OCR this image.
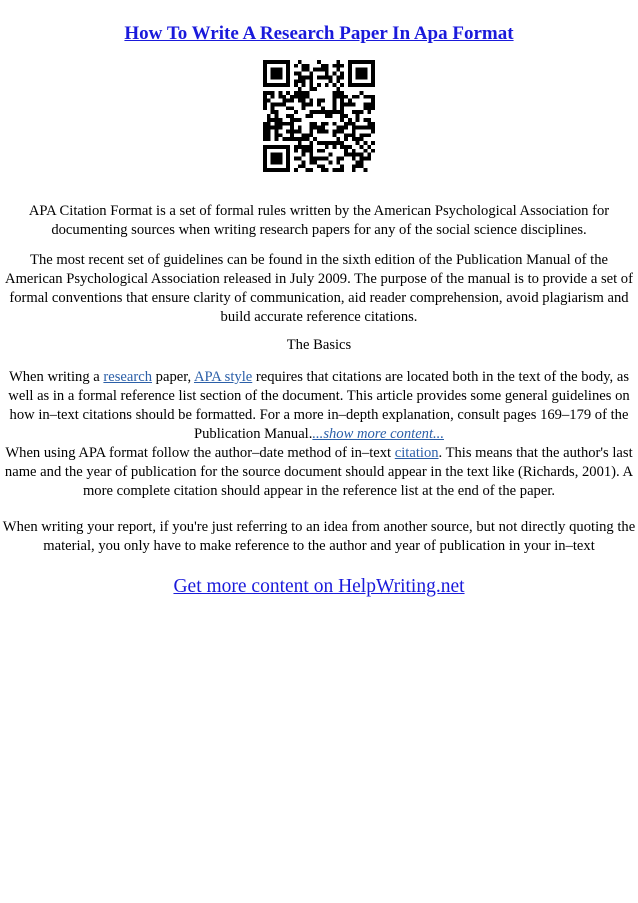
How To Write A Research Paper In Apa Format

APA Citation Format is a set of formal rules written by the American Psychological Association for documenting sources when writing research papers for any of the social science disciplines.

The most recent set of guidelines can be found in the sixth edition of the Publication Manual of the American Psychological Association released in July 2009. The purpose of the manual is to provide a set of formal conventions that ensure clarity of communication, aid reader comprehension, avoid plagiarism and build accurate reference citations.

The Basics

When writing a research paper, APA style requires that citations are located both in the text of the body, as well as in a formal reference list section of the document. This article provides some general guidelines on how in–text citations should be formatted. For a more in–depth explanation, consult pages 169–179 of the Publication Manual....show more content...
When using APA format follow the author–date method of in–text citation. This means that the author's last name and the year of publication for the source document should appear in the text like (Richards, 2001). A more complete citation should appear in the reference list at the end of the paper.

When writing your report, if you're just referring to an idea from another source, but not directly quoting the material, you only have to make reference to the author and year of publication in your in–text

Get more content on HelpWriting.net
